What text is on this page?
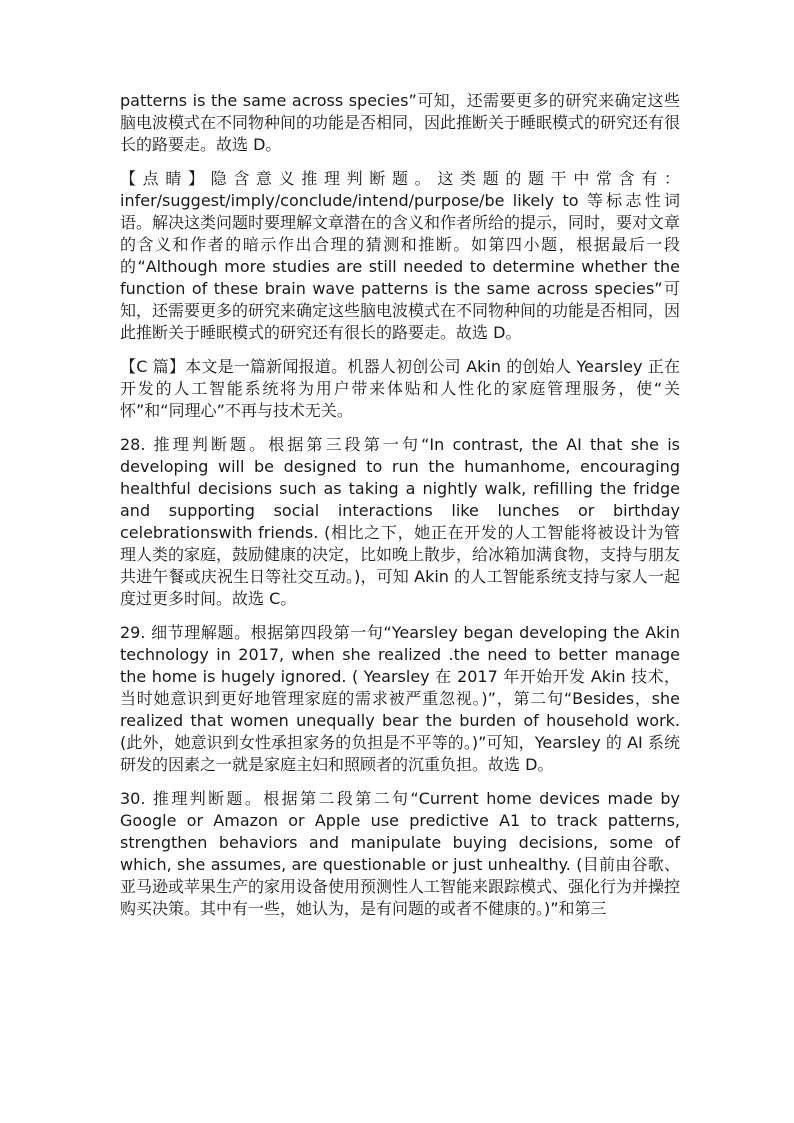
patterns is the same across species”可知，还需要更多的研究来确定这些脑电波模式在不同物种间的功能是否相同，因此推断关于睡眠模式的研究还有很长的路要走。故选 D。

【点睛】隐含意义推理判断题。这类题的题干中常含有：infer/suggest/imply/conclude/intend/purpose/be likely to 等标志性词语。解决这类问题时要理解文章潜在的含义和作者所给的提示，同时，要对文章的含义和作者的暗示作出合理的猜测和推断。如第四小题，根据最后一段的“Although more studies are still needed to determine whether the function of these brain wave patterns is the same across species”可知，还需要更多的研究来确定这些脑电波模式在不同物种间的功能是否相同，因此推断关于睡眠模式的研究还有很长的路要走。故选 D。

【C 篇】本文是一篇新闻报道。机器人初创公司 Akin 的创始人 Yearsley 正在开发的人工智能系统将为用户带来体贴和人性化的家庭管理服务，使“关怀”和“同理心”不再与技术无关。

28. 推理判断题。根据第三段第一句“In contrast, the AI that she is developing will be designed to run the humanhome, encouraging healthful decisions such as taking a nightly walk, refilling the fridge and supporting social interactions like lunches or birthday celebrationswith friends. (相比之下，她正在开发的人工智能将被设计为管理人类的家庭，鼓励健康的决定，比如晚上散步，给冰箱加满食物，支持与朋友共进午餐或庆祝生日等社交互动。)，可知 Akin 的人工智能系统支持与家人一起度过更多时间。故选 C。

29. 细节理解题。根据第四段第一句“Yearsley began developing the Akin technology in 2017, when she realized .the need to better manage the home is hugely ignored. ( Yearsley 在 2017 年开始开发 Akin 技术，当时她意识到更好地管理家庭的需求被严重忽视。)”，第二句“Besides，she realized that women unequally bear the burden of household work. (此外，她意识到女性承担家务的负担是不平等的。)”可知，Yearsley 的 AI 系统研发的因素之一就是家庭主妇和照顾者的沉重负担。故选 D。

30. 推理判断题。根据第二段第二句“Current home devices made by Google or Amazon or Apple use predictive A1 to track patterns, strengthen behaviors and manipulate buying decisions, some of which, she assumes, are questionable or just unhealthy. (目前由谷歌、亚马逊或苹果生产的家用设备使用预测性人工智能来跟踪模式、强化行为并操控购买决策。其中有一些，她认为，是有问题的或者不健康的。)”和第三
